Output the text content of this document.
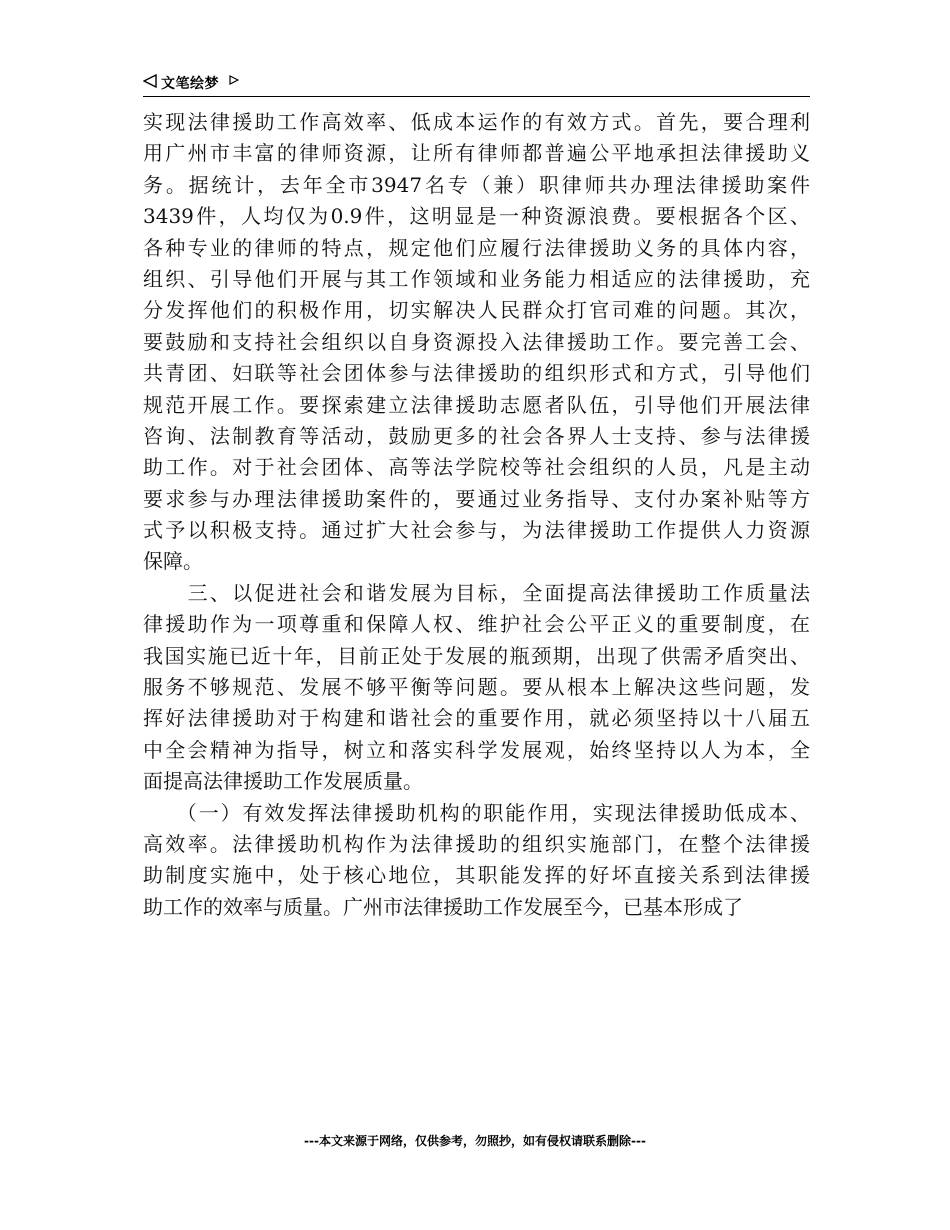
文笔绘梦
实现法律援助工作高效率、低成本运作的有效方式。首先，要合理利
用广州市丰富的律师资源，让所有律师都普遍公平地承担法律援助义
务。据统计，去年全市3947名专（兼）职律师共办理法律援助案件
3439件，人均仅为0.9件，这明显是一种资源浪费。要根据各个区、
各种专业的律师的特点，规定他们应履行法律援助义务的具体内容，
组织、引导他们开展与其工作领域和业务能力相适应的法律援助，充
分发挥他们的积极作用，切实解决人民群众打官司难的问题。其次，
要鼓励和支持社会组织以自身资源投入法律援助工作。要完善工会、
共青团、妇联等社会团体参与法律援助的组织形式和方式，引导他们
规范开展工作。要探索建立法律援助志愿者队伍，引导他们开展法律
咨询、法制教育等活动，鼓励更多的社会各界人士支持、参与法律援
助工作。对于社会团体、高等法学院校等社会组织的人员，凡是主动
要求参与办理法律援助案件的，要通过业务指导、支付办案补贴等方
式予以积极支持。通过扩大社会参与，为法律援助工作提供人力资源
保障。
　　三、以促进社会和谐发展为目标，全面提高法律援助工作质量法
律援助作为一项尊重和保障人权、维护社会公平正义的重要制度，在
我国实施已近十年，目前正处于发展的瓶颈期，出现了供需矛盾突出、
服务不够规范、发展不够平衡等问题。要从根本上解决这些问题，发
挥好法律援助对于构建和谐社会的重要作用，就必须坚持以十八届五
中全会精神为指导，树立和落实科学发展观，始终坚持以人为本，全
面提高法律援助工作发展质量。
　　（一）有效发挥法律援助机构的职能作用，实现法律援助低成本、
高效率。法律援助机构作为法律援助的组织实施部门，在整个法律援
助制度实施中，处于核心地位，其职能发挥的好坏直接关系到法律援
助工作的效率与质量。广州市法律援助工作发展至今，已基本形成了
---本文来源于网络，仅供参考，勿照抄，如有侵权请联系删除---
